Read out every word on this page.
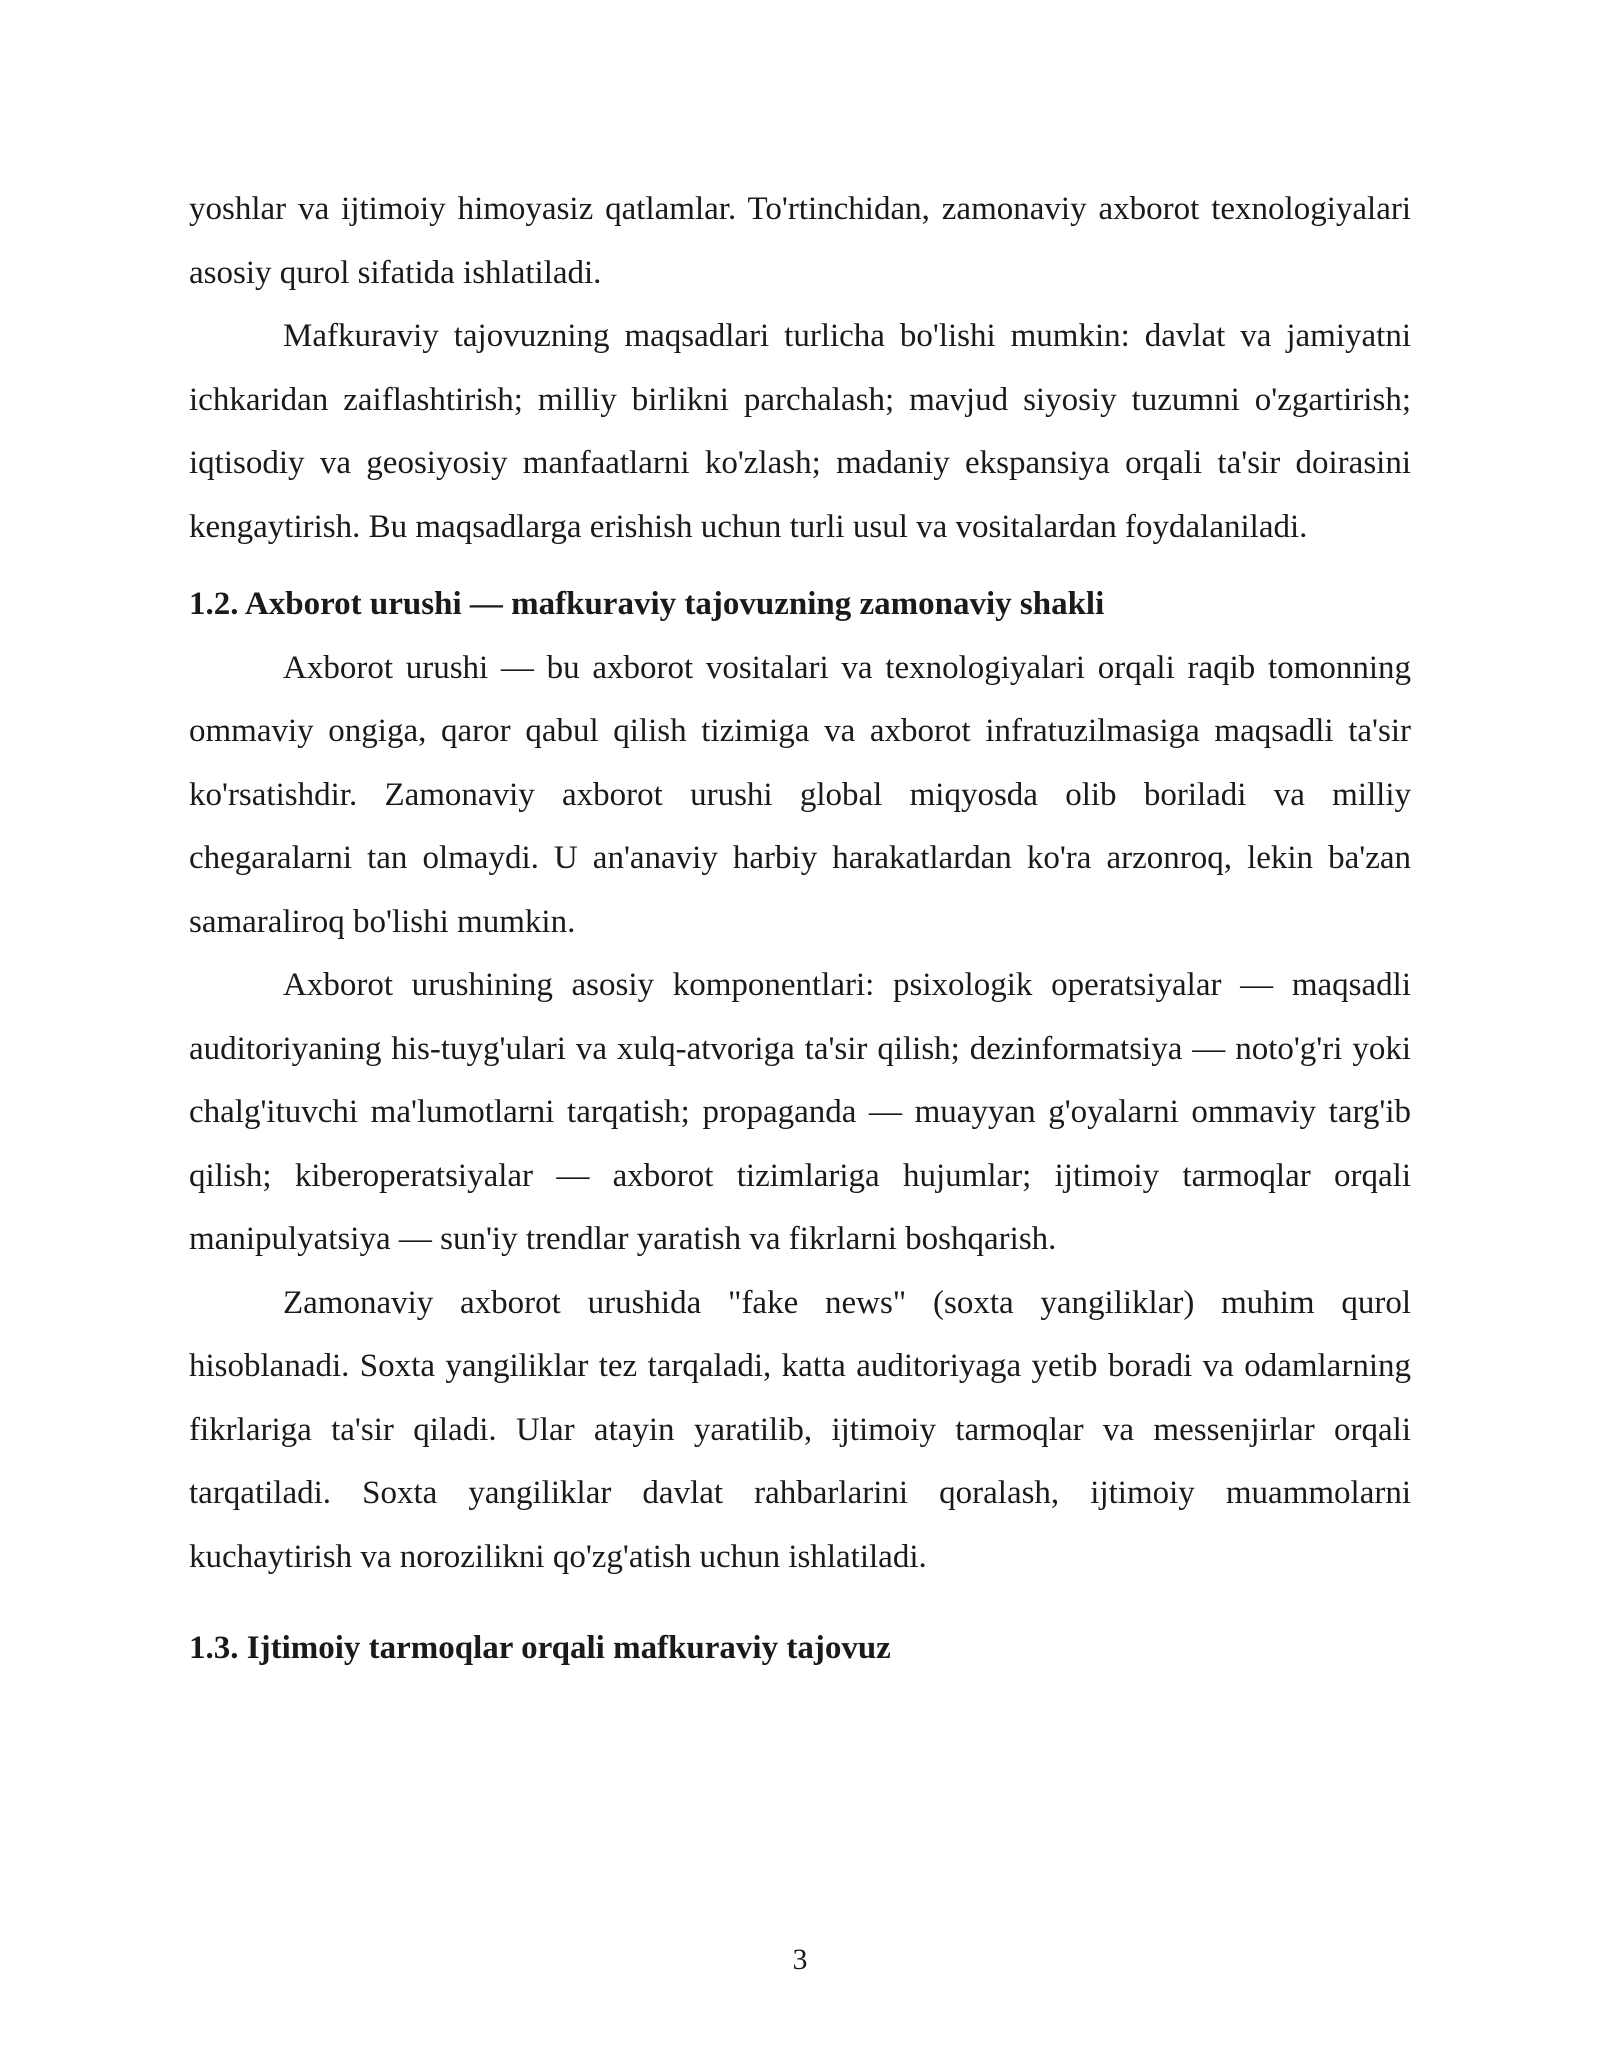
yoshlar va ijtimoiy himoyasiz qatlamlar. To'rtinchidan, zamonaviy axborot texnologiyalari asosiy qurol sifatida ishlatiladi.

Mafkuraviy tajovuzning maqsadlari turlicha bo'lishi mumkin: davlat va jamiyatni ichkaridan zaiflashtirish; milliy birlikni parchalash; mavjud siyosiy tuzumni o'zgartirish; iqtisodiy va geosiyosiy manfaatlarni ko'zlash; madaniy ekspansiya orqali ta'sir doirasini kengaytirish. Bu maqsadlarga erishish uchun turli usul va vositalardan foydalaniladi.

1.2. Axborot urushi — mafkuraviy tajovuzning zamonaviy shakli

Axborot urushi — bu axborot vositalari va texnologiyalari orqali raqib tomonning ommaviy ongiga, qaror qabul qilish tizimiga va axborot infratuzilmasiga maqsadli ta'sir ko'rsatishdir. Zamonaviy axborot urushi global miqyosda olib boriladi va milliy chegaralarni tan olmaydi. U an'anaviy harbiy harakatlardan ko'ra arzonroq, lekin ba'zan samaraliroq bo'lishi mumkin.

Axborot urushining asosiy komponentlari: psixologik operatsiyalar — maqsadli auditoriyaning his-tuyg'ulari va xulq-atvoriga ta'sir qilish; dezinformatsiya — noto'g'ri yoki chalg'ituvchi ma'lumotlarni tarqatish; propaganda — muayyan g'oyalarni ommaviy targ'ib qilish; kiberoperatsiyalar — axborot tizimlariga hujumlar; ijtimoiy tarmoqlar orqali manipulyatsiya — sun'iy trendlar yaratish va fikrlarni boshqarish.

Zamonaviy axborot urushida "fake news" (soxta yangiliklar) muhim qurol hisoblanadi. Soxta yangiliklar tez tarqaladi, katta auditoriyaga yetib boradi va odamlarning fikrlariga ta'sir qiladi. Ular atayin yaratilib, ijtimoiy tarmoqlar va messenjirlar orqali tarqatiladi. Soxta yangiliklar davlat rahbarlarini qoralash, ijtimoiy muammolarni kuchaytirish va norozilikni qo'zg'atish uchun ishlatiladi.

1.3. Ijtimoiy tarmoqlar orqali mafkuraviy tajovuz
3
